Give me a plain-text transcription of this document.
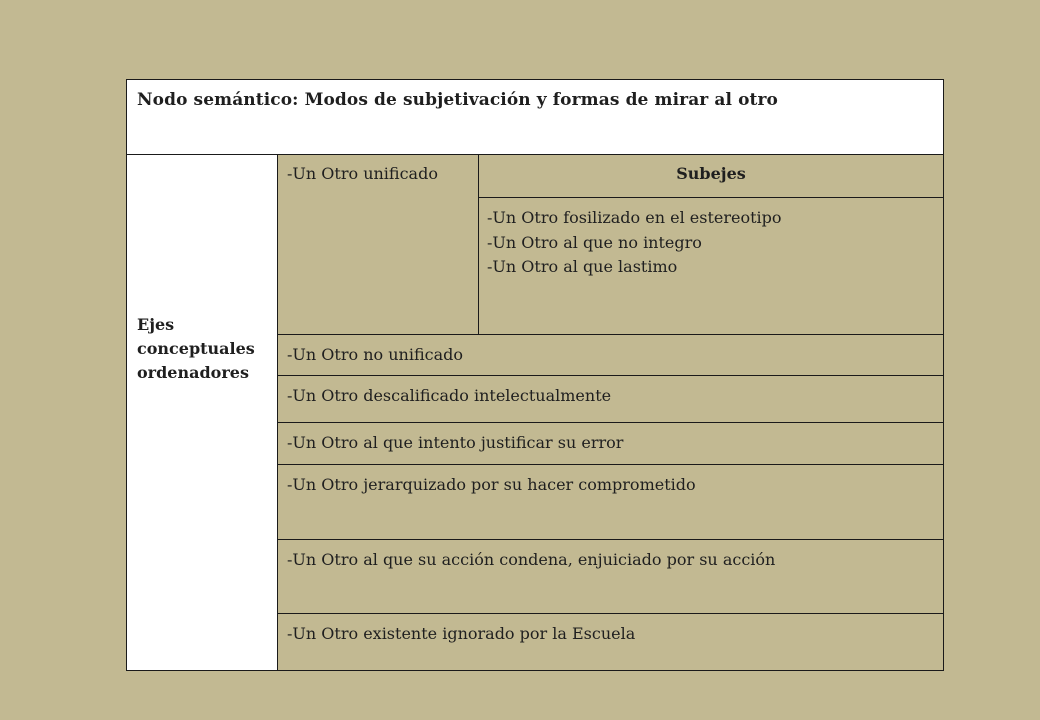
Nodo semántico: Modos de subjetivación y formas de mirar al otro
Ejes
conceptuales
ordenadores
-Un Otro unificado	Subejes
-Un Otro fosilizado en el estereotipo
-Un Otro al que no integro
-Un Otro al que lastimo
-Un Otro no unificado
-Un Otro descalificado intelectualmente
-Un Otro al que intento justificar su error
-Un Otro jerarquizado por su hacer comprometido
-Un Otro al que su acción condena, enjuiciado por su acción
-Un Otro existente ignorado por la Escuela
